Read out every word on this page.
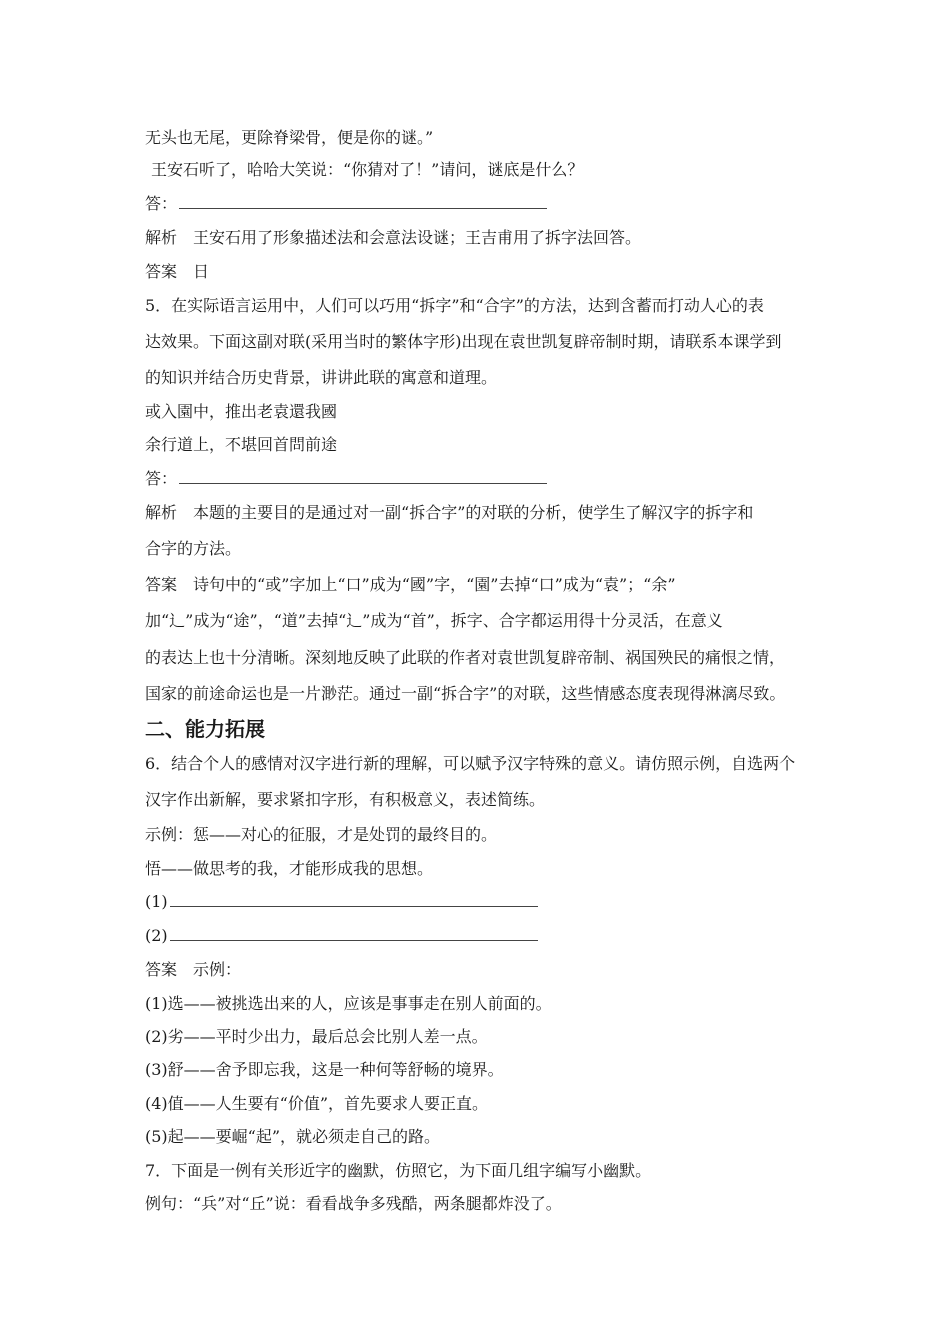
无头也无尾，更除脊梁骨，便是你的谜。”
王安石听了，哈哈大笑说：“你猜对了！”请问，谜底是什么？
答：
解析 王安石用了形象描述法和会意法设谜；王吉甫用了拆字法回答。
答案 日
5．在实际语言运用中，人们可以巧用“拆字”和“合字”的方法，达到含蓄而打动人心的表
达效果。下面这副对联(采用当时的繁体字形)出现在袁世凯复辟帝制时期，请联系本课学到
的知识并结合历史背景，讲讲此联的寓意和道理。
或入園中，推出老袁還我國
余行道上，不堪回首問前途
答：
解析 本题的主要目的是通过对一副“拆合字”的对联的分析，使学生了解汉字的拆字和
合字的方法。
答案 诗句中的“或”字加上“口”成为“國”字，“園”去掉“口”成为“袁”；“余”
加“辶”成为“途”，“道”去掉“辶”成为“首”，拆字、合字都运用得十分灵活，在意义
的表达上也十分清晰。深刻地反映了此联的作者对袁世凯复辟帝制、祸国殃民的痛恨之情，
国家的前途命运也是一片渺茫。通过一副“拆合字”的对联，这些情感态度表现得淋漓尽致。
二、能力拓展
6．结合个人的感情对汉字进行新的理解，可以赋予汉字特殊的意义。请仿照示例，自选两个
汉字作出新解，要求紧扣字形，有积极意义，表述简练。
示例：惩——对心的征服，才是处罚的最终目的。
悟——做思考的我，才能形成我的思想。
(1)
(2)
答案 示例：
(1)选——被挑选出来的人，应该是事事走在别人前面的。
(2)劣——平时少出力，最后总会比别人差一点。
(3)舒——舍予即忘我，这是一种何等舒畅的境界。
(4)值——人生要有“价值”，首先要求人要正直。
(5)起——要崛“起”，就必须走自己的路。
7．下面是一例有关形近字的幽默，仿照它，为下面几组字编写小幽默。
例句：“兵”对“丘”说：看看战争多残酷，两条腿都炸没了。
